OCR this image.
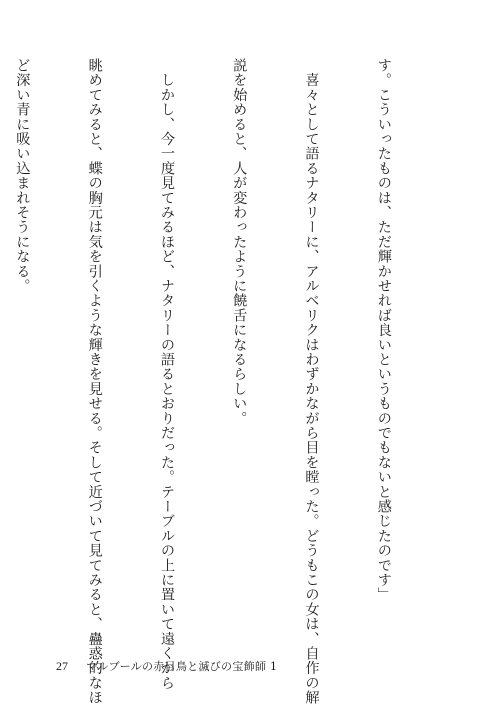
す。こういったものは、ただ輝かせれば良いというものでもないと感じたのです」

　喜々として語るナタリーに、アルベリクはわずかながら目を瞠った。どうもこの女は、自作の解

説を始めると、人が変わったように饒舌になるらしい。

　しかし、今一度見てみるほど、ナタリーの語るとおりだった。テーブルの上に置いて遠くから

眺めてみると、蝶の胸元は気を引くような輝きを見せる。そして近づいて見てみると、蠱惑的なほ

ど深い青に吸い込まれそうになる。

27 マルブールの赤目鳥と滅びの宝飾師 1
